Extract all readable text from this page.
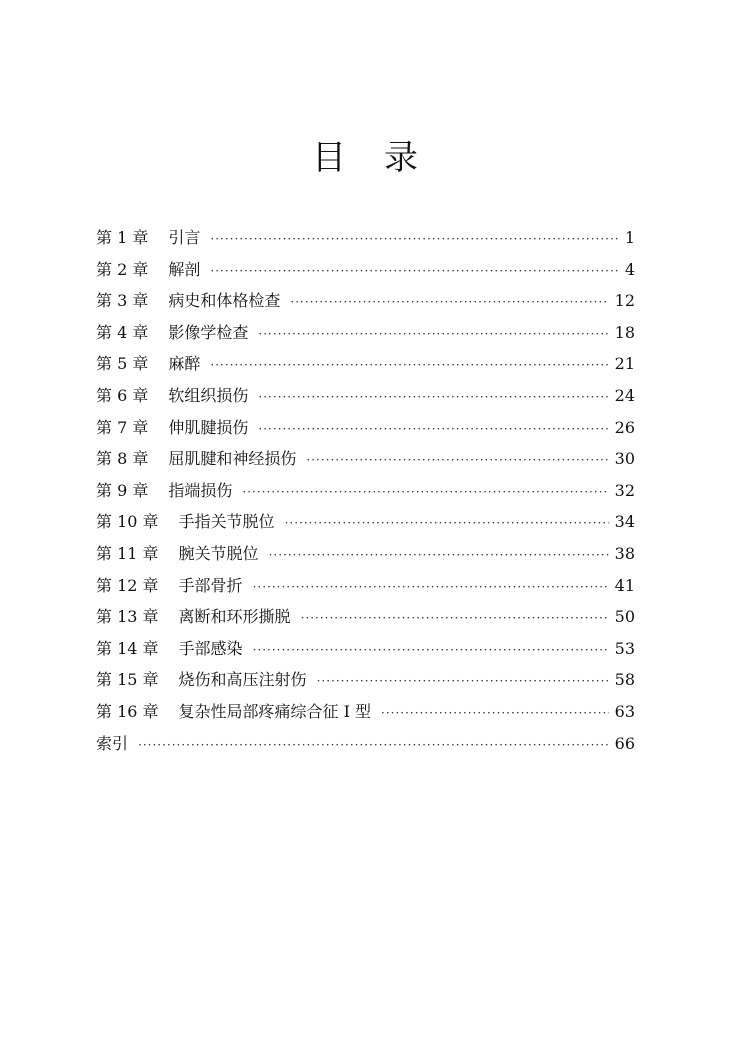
目 录
第 1 章 引言 ·····	1
第 2 章 解剖 ·····	4
第 3 章 病史和体格检查 ·····	12
第 4 章 影像学检查 ·····	18
第 5 章 麻醉 ·····	21
第 6 章 软组织损伤 ·····	24
第 7 章 伸肌腱损伤 ·····	26
第 8 章 屈肌腱和神经损伤 ·····	30
第 9 章 指端损伤 ·····	32
第 10 章 手指关节脱位 ·····	34
第 11 章 腕关节脱位 ·····	38
第 12 章 手部骨折 ·····	41
第 13 章 离断和环形撕脱 ·····	50
第 14 章 手部感染 ·····	53
第 15 章 烧伤和高压注射伤 ·····	58
第 16 章 复杂性局部疼痛综合征 I 型 ·····	63
索引 ·····	66
